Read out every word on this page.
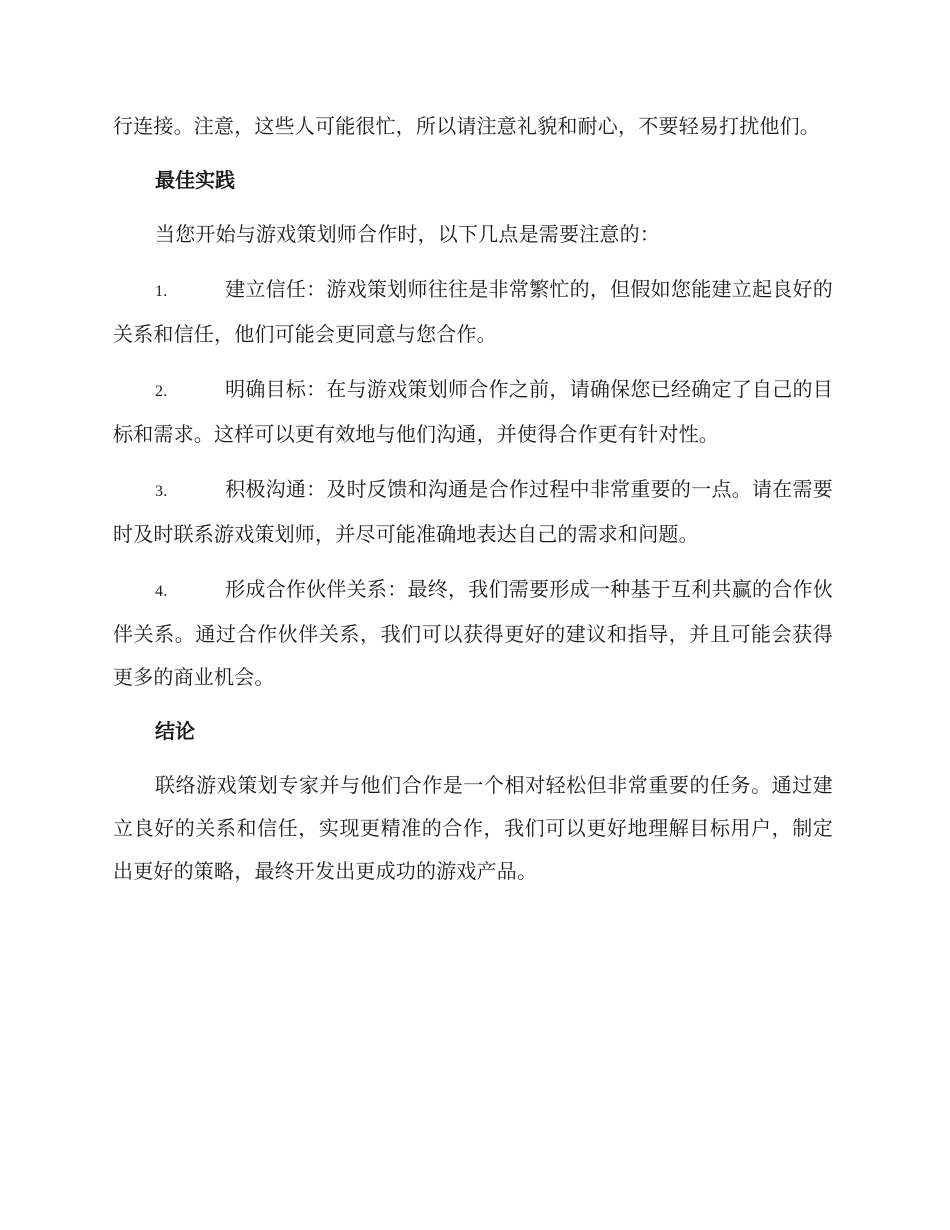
行连接。注意，这些人可能很忙，所以请注意礼貌和耐心，不要轻易打扰他们。

最佳实践

当您开始与游戏策划师合作时，以下几点是需要注意的：

1.	建立信任：游戏策划师往往是非常繁忙的，但假如您能建立起良好的关系和信任，他们可能会更同意与您合作。
2.	明确目标：在与游戏策划师合作之前，请确保您已经确定了自己的目标和需求。这样可以更有效地与他们沟通，并使得合作更有针对性。
3.	积极沟通：及时反馈和沟通是合作过程中非常重要的一点。请在需要时及时联系游戏策划师，并尽可能准确地表达自己的需求和问题。
4.	形成合作伙伴关系：最终，我们需要形成一种基于互利共赢的合作伙伴关系。通过合作伙伴关系，我们可以获得更好的建议和指导，并且可能会获得更多的商业机会。
结论

联络游戏策划专家并与他们合作是一个相对轻松但非常重要的任务。通过建立良好的关系和信任，实现更精准的合作，我们可以更好地理解目标用户，制定出更好的策略，最终开发出更成功的游戏产品。
